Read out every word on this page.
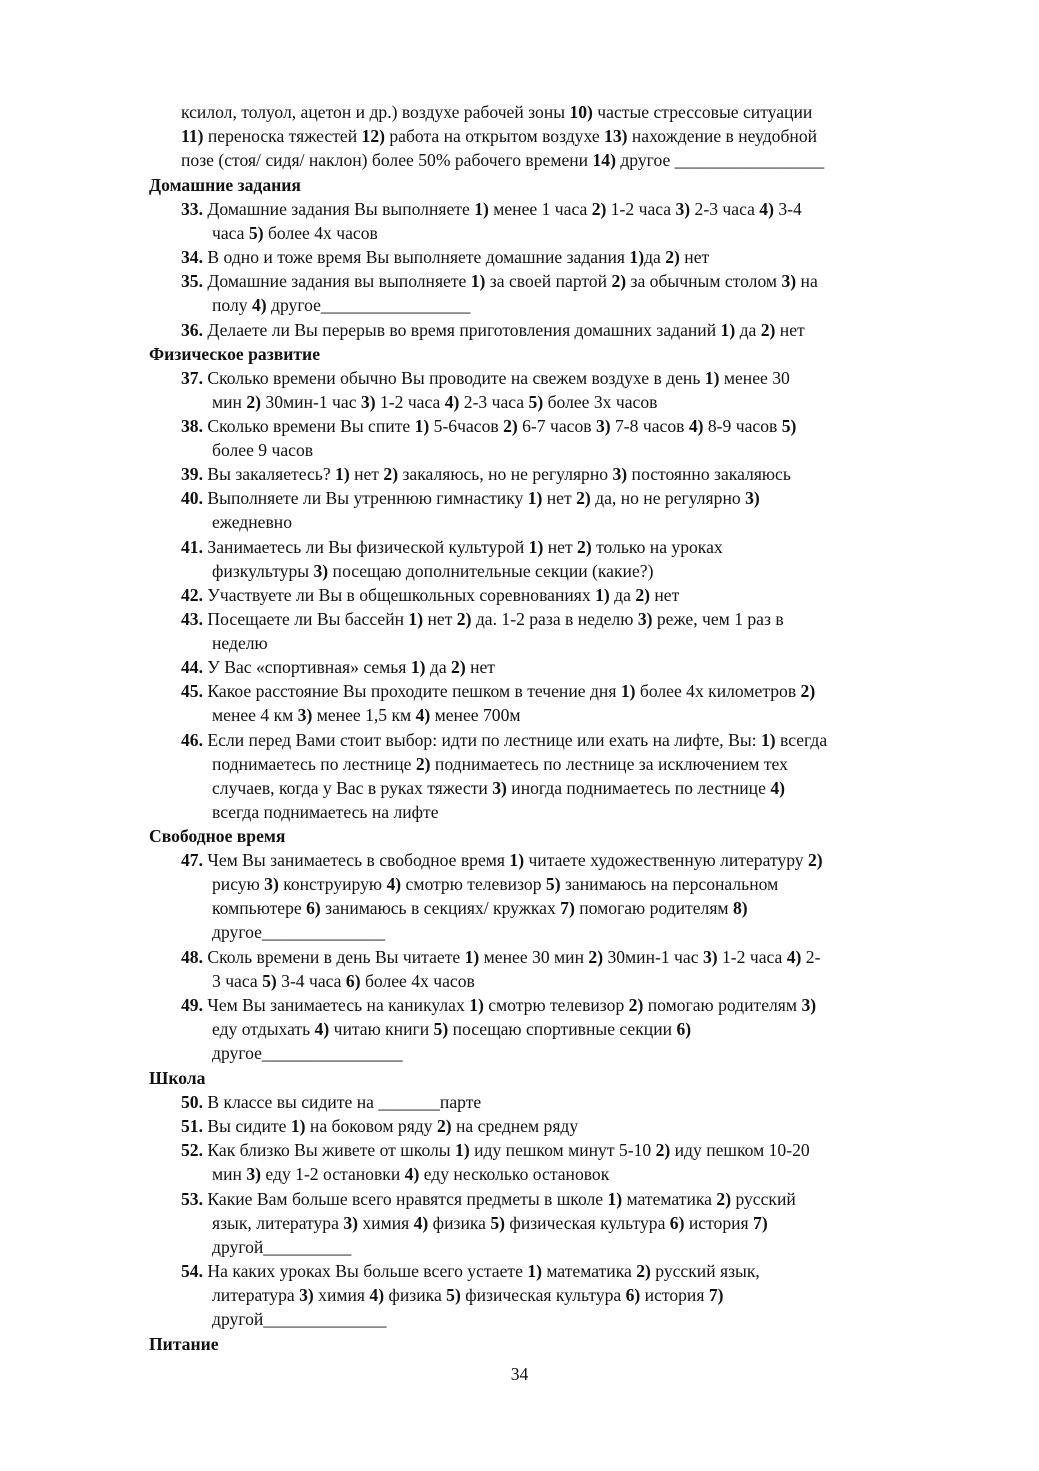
ксилол, толуол, ацетон и др.) воздухе рабочей зоны 10) частые стрессовые ситуации

11) переноска тяжестей 12) работа на открытом воздухе 13) нахождение в неудобной

позе (стоя/ сидя/ наклон) более 50% рабочего времени 14) другое _________________

Домашние задания
33. Домашние задания Вы выполняете 1) менее 1 часа 2) 1-2 часа 3) 2-3 часа 4) 3-4
часа 5) более 4х часов
34. В одно и тоже время Вы выполняете домашние задания 1)да 2) нет
35. Домашние задания вы выполняете 1) за своей партой 2) за обычным столом 3) на
полу 4) другое_________________
36. Делаете ли Вы перерыв во время приготовления домашних заданий 1) да 2) нет
Физическое развитие
37. Сколько времени обычно Вы проводите на свежем воздухе в день 1) менее 30
мин 2) 30мин-1 час 3) 1-2 часа 4) 2-3 часа 5) более 3х часов
38. Сколько времени Вы спите 1) 5-6часов 2) 6-7 часов 3) 7-8 часов 4) 8-9 часов 5)
более 9 часов
39. Вы закаляетесь? 1) нет 2) закаляюсь, но не регулярно 3) постоянно закаляюсь
40. Выполняете ли Вы утреннюю гимнастику 1) нет 2) да, но не регулярно 3)
ежедневно
41. Занимаетесь ли Вы физической культурой 1) нет 2) только на уроках
физкультуры 3) посещаю дополнительные секции (какие?)
42. Участвуете ли Вы в общешкольных соревнованиях 1) да 2) нет
43. Посещаете ли Вы бассейн 1) нет 2) да. 1-2 раза в неделю 3) реже, чем 1 раз в
неделю
44. У Вас «спортивная» семья 1) да 2) нет
45. Какое расстояние Вы проходите пешком в течение дня 1) более 4х километров 2)
менее 4 км 3) менее 1,5 км 4) менее 700м
46. Если перед Вами стоит выбор: идти по лестнице или ехать на лифте, Вы: 1) всегда
поднимаетесь по лестнице 2) поднимаетесь по лестнице за исключением тех
случаев, когда у Вас в руках тяжести 3) иногда поднимаетесь по лестнице 4)
всегда поднимаетесь на лифте
Свободное время
47. Чем Вы занимаетесь в свободное время 1) читаете художественную литературу 2)
рисую 3) конструирую 4) смотрю телевизор 5) занимаюсь на персональном
компьютере 6) занимаюсь в секциях/ кружках 7) помогаю родителям 8)
другое______________
48. Сколь времени в день Вы читаете 1) менее 30 мин 2) 30мин-1 час 3) 1-2 часа 4) 2-
3 часа 5) 3-4 часа 6) более 4х часов
49. Чем Вы занимаетесь на каникулах 1) смотрю телевизор 2) помогаю родителям 3)
еду отдыхать 4) читаю книги 5) посещаю спортивные секции 6)
другое________________
Школа
50. В классе вы сидите на _______парте
51. Вы сидите 1) на боковом ряду 2) на среднем ряду
52. Как близко Вы живете от школы 1) иду пешком минут 5-10 2) иду пешком 10-20
мин 3) еду 1-2 остановки 4) еду несколько остановок
53. Какие Вам больше всего нравятся предметы в школе 1) математика 2) русский
язык, литература 3) химия 4) физика 5) физическая культура 6) история 7)
другой__________
54. На каких уроках Вы больше всего устаете 1) математика 2) русский язык,
литература 3) химия 4) физика 5) физическая культура 6) история 7)
другой______________
Питание
34
